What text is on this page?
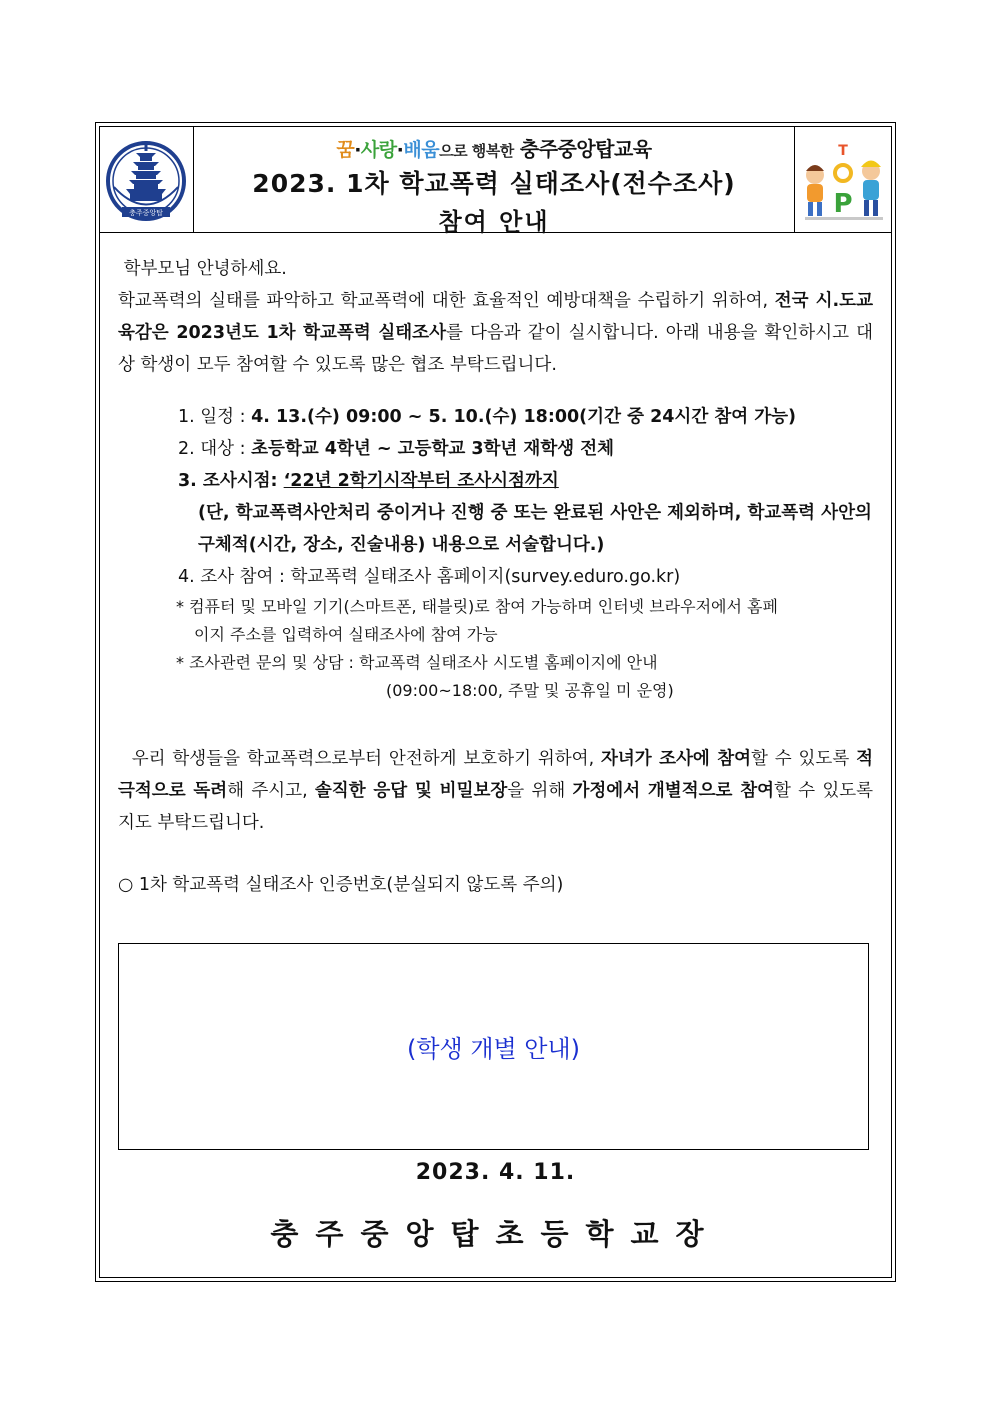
충주중앙탑
꿈·사랑·배움으로 행복한 충주중앙탑교육
2023. 1차 학교폭력 실태조사(전수조사)
참여 안내
T
P

학부모님 안녕하세요.

학교폭력의 실태를 파악하고 학교폭력에 대한 효율적인 예방대책을 수립하기 위하여, 전국 시.도교육감은 2023년도 1차 학교폭력 실태조사를 다음과 같이 실시합니다. 아래 내용을 확인하시고 대상 학생이 모두 참여할 수 있도록 많은 협조 부탁드립니다.

1. 일정 : 4. 13.(수) 09:00 ~ 5. 10.(수) 18:00(기간 중 24시간 참여 가능)
2. 대상 : 초등학교 4학년 ~ 고등학교 3학년 재학생 전체
3. 조사시점: ‘22년 2학기시작부터 조사시점까지
(단, 학교폭력사안처리 중이거나 진행 중 또는 완료된 사안은 제외하며, 학교폭력 사안의 구체적(시간, 장소, 진술내용) 내용으로 서술합니다.)
4. 조사 참여 : 학교폭력 실태조사 홈페이지(survey.eduro.go.kr)
* 컴퓨터 및 모바일 기기(스마트폰, 태블릿)로 참여 가능하며 인터넷 브라우저에서 홈페
이지 주소를 입력하여 실태조사에 참여 가능
* 조사관련 문의 및 상담 : 학교폭력 실태조사 시도별 홈페이지에 안내
(09:00~18:00, 주말 및 공휴일 미 운영)

우리 학생들을 학교폭력으로부터 안전하게 보호하기 위하여, 자녀가 조사에 참여할 수 있도록 적극적으로 독려해 주시고, 솔직한 응답 및 비밀보장을 위해 가정에서 개별적으로 참여할 수 있도록 지도 부탁드립니다.

○ 1차 학교폭력 실태조사 인증번호(분실되지 않도록 주의)
(학생 개별 안내)
2023. 4. 11.
충주중앙탑초등학교장
